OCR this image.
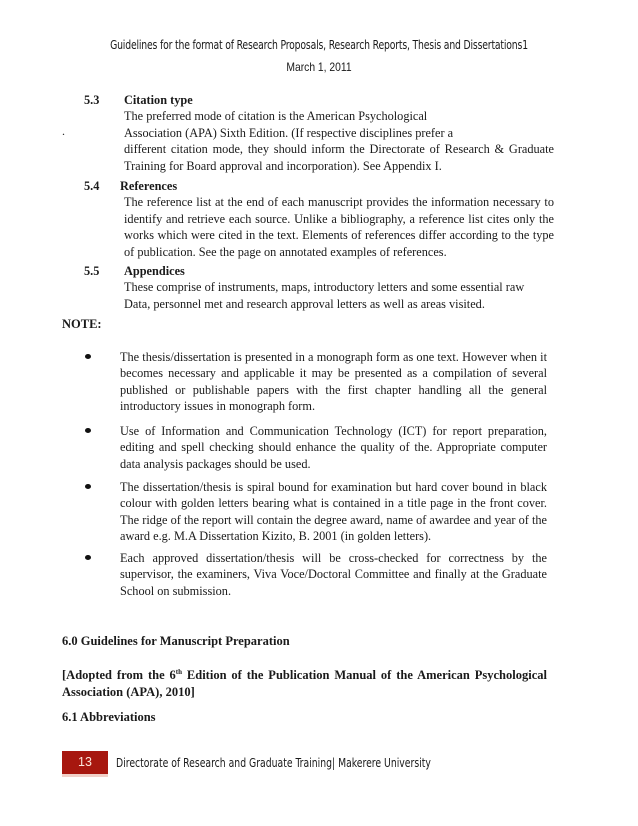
Guidelines for the format of Research Proposals, Research Reports, Thesis and Dissertations1
March 1, 2011
.
5.3 Citation type
The preferred mode of citation is the American Psychological
Association (APA) Sixth Edition. (If respective disciplines prefer a
different citation mode, they should inform the Directorate of Research & Graduate Training for Board approval and incorporation). See Appendix I.
5.4 References
The reference list at the end of each manuscript provides the information necessary to identify and retrieve each source. Unlike a bibliography, a reference list cites only the works which were cited in the text. Elements of references differ according to the type of publication. See the page on annotated examples of references.
5.5 Appendices
These comprise of instruments, maps, introductory letters and some essential raw
Data, personnel met and research approval letters as well as areas visited.
NOTE:
The thesis/dissertation is presented in a monograph form as one text. However when it becomes necessary and applicable it may be presented as a compilation of several published or publishable papers with the first chapter handling all the general introductory issues in monograph form.
Use of Information and Communication Technology (ICT) for report preparation, editing and spell checking should enhance the quality of the. Appropriate computer data analysis packages should be used.
The dissertation/thesis is spiral bound for examination but hard cover bound in black colour with golden letters bearing what is contained in a title page in the front cover. The ridge of the report will contain the degree award, name of awardee and year of the award e.g. M.A Dissertation Kizito, B. 2001 (in golden letters).
Each approved dissertation/thesis will be cross-checked for correctness by the supervisor, the examiners, Viva Voce/Doctoral Committee and finally at the Graduate School on submission.
6.0 Guidelines for Manuscript Preparation
[Adopted from the 6th Edition of the Publication Manual of the American Psychological Association (APA), 2010]
6.1 Abbreviations
13	Directorate of Research and Graduate Training| Makerere University
